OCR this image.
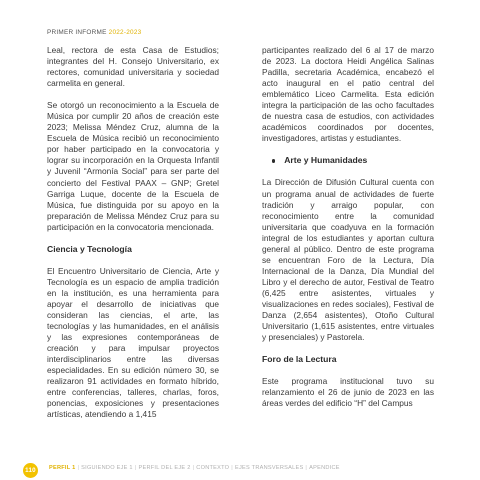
PRIMER INFORME 2022-2023

Leal, rectora de esta Casa de Estudios; integrantes del H. Consejo Universitario, ex rectores, comunidad universitaria y sociedad carmelita en general.

Se otorgó un reconocimiento a la Escuela de Música por cumplir 20 años de creación este 2023; Melissa Méndez Cruz, alumna de la Escuela de Música recibió un reconocimiento por haber participado en la convocatoria y lograr su incorporación en la Orquesta Infantil y Juvenil “Armonía Social” para ser parte del concierto del Festival PAAX – GNP; Gretel Garriga Luque, docente de la Escuela de Música, fue distinguida por su apoyo en la preparación de Melissa Méndez Cruz para su participación en la convocatoria mencionada.

Ciencia y Tecnología

El Encuentro Universitario de Ciencia, Arte y Tecnología es un espacio de amplia tradición en la institución, es una herramienta para apoyar el desarrollo de iniciativas que consideran las ciencias, el arte, las tecnologías y las humanidades, en el análisis y las expresiones contemporáneas de creación y para impulsar proyectos interdisciplinarios entre las diversas especialidades. En su edición número 30, se realizaron 91 actividades en formato híbrido, entre conferencias, talleres, charlas, foros, ponencias, exposiciones y presentaciones artísticas, atendiendo a 1,415

participantes realizado del 6 al 17 de marzo de 2023. La doctora Heidi Angélica Salinas Padilla, secretaria Académica, encabezó el acto inaugural en el patio central del emblemático Liceo Carmelita. Esta edición integra la participación de las ocho facultades de nuestra casa de estudios, con actividades académicos coordinados por docentes, investigadores, artistas y estudiantes.

Arte y Humanidades

La Dirección de Difusión Cultural cuenta con un programa anual de actividades de fuerte tradición y arraigo popular, con reconocimiento entre la comunidad universitaria que coadyuva en la formación integral de los estudiantes y aportan cultura general al público. Dentro de este programa se encuentran Foro de la Lectura, Día Internacional de la Danza, Día Mundial del Libro y el derecho de autor, Festival de Teatro (6,425 entre asistentes, virtuales y visualizaciones en redes sociales), Festival de Danza (2,654 asistentes), Otoño Cultural Universitario (1,615 asistentes, entre virtuales y presenciales) y Pastorela.

Foro de la Lectura

Este programa institucional tuvo su relanzamiento el 26 de junio de 2023 en las áreas verdes del edificio “H” del Campus

110	PERFIL 1 | SIGUIENDO EJE 1 | PERFIL DEL EJE 2 | CONTEXTO | EJES TRANSVERSALES | APENDICE
